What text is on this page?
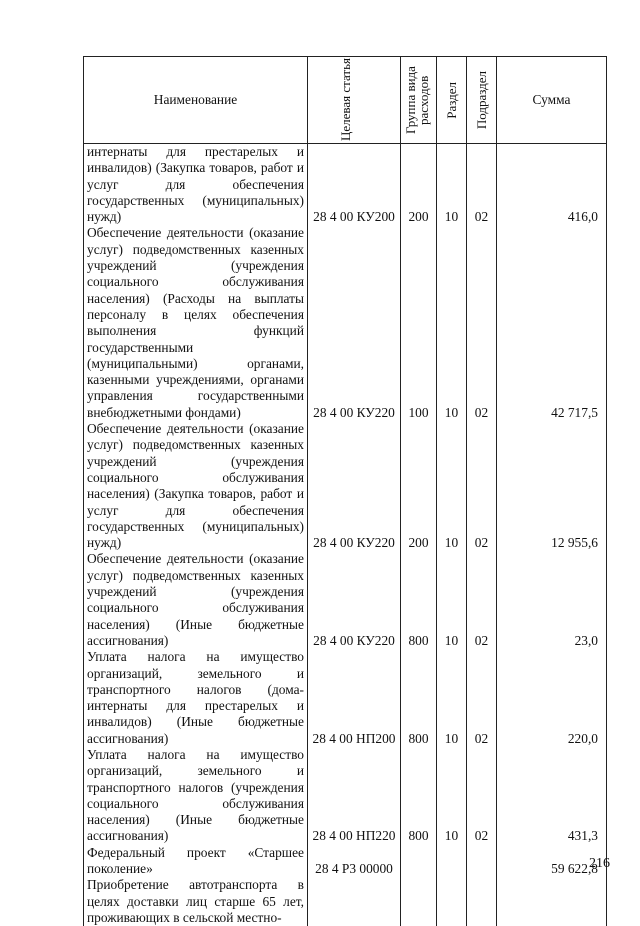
Наименование	Целевая статья	Группа вида расходов	Раздел	Подраздел	Сумма
интернаты для престарелых и инвалидов) (Закупка товаров, работ и услуг для обеспечения государственных (муниципальных) нужд)	28 4 00 КУ200	200	10	02	416,0
Обеспечение деятельности (оказание услуг) подведомственных казенных учреждений (учреждения социального обслуживания населения) (Расходы на выплаты персоналу в целях обеспечения выполнения функций государственными (муниципальными) органами, казенными учреждениями, органами управления государственными внебюджетными фондами)	28 4 00 КУ220	100	10	02	42 717,5
Обеспечение деятельности (оказание услуг) подведомственных казенных учреждений (учреждения социального обслуживания населения) (Закупка товаров, работ и услуг для обеспечения государственных (муниципальных) нужд)	28 4 00 КУ220	200	10	02	12 955,6
Обеспечение деятельности (оказание услуг) подведомственных казенных учреждений (учреждения социального обслуживания населения) (Иные бюджетные ассигнования)	28 4 00 КУ220	800	10	02	23,0
Уплата налога на имущество организаций, земельного и транспортного налогов (дома-интернаты для престарелых и инвалидов) (Иные бюджетные ассигнования)	28 4 00 НП200	800	10	02	220,0
Уплата налога на имущество организаций, земельного и транспортного налогов (учреждения социального обслуживания населения) (Иные бюджетные ассигнования)	28 4 00 НП220	800	10	02	431,3
Федеральный проект «Старшее поколение»	28 4 Р3 00000				59 622,8
Приобретение автотранспорта в целях доставки лиц старше 65 лет, проживающих в сельской местно-					
216
